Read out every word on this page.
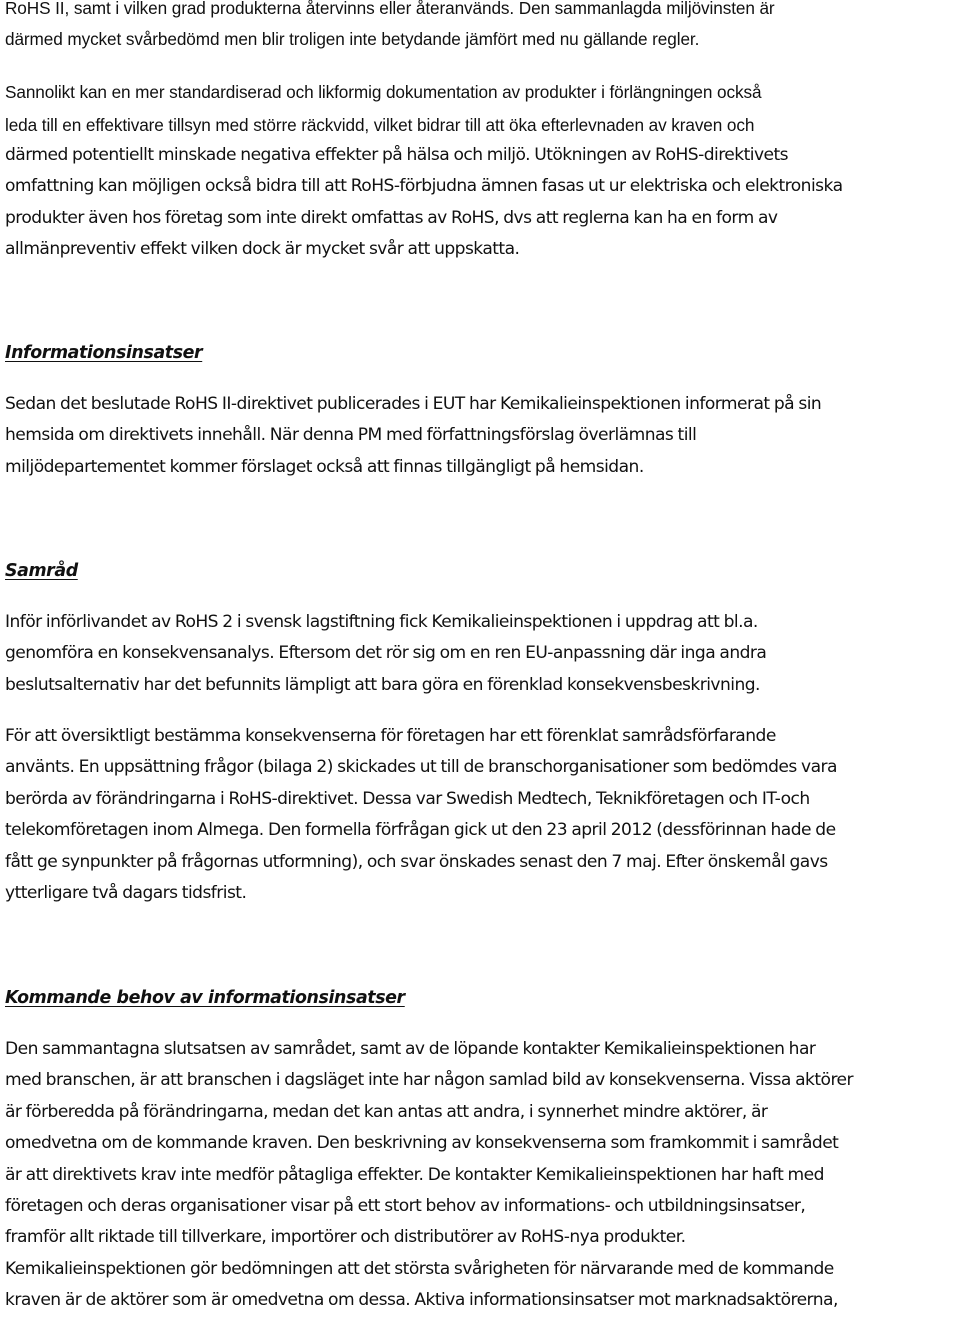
RoHS II, samt i vilken grad produkterna återvinns eller återanvänds. Den sammanlagda miljövinsten är
därmed mycket svårbedömd men blir troligen inte betydande jämfört med nu gällande regler.

Sannolikt kan en mer standardiserad och likformig dokumentation av produkter i förlängningen också
leda till en effektivare tillsyn med större räckvidd, vilket bidrar till att öka efterlevnaden av kraven och

därmed potentiellt minskade negativa effekter på hälsa och miljö. Utökningen av RoHS-direktivets
omfattning kan möjligen också bidra till att RoHS-förbjudna ämnen fasas ut ur elektriska och elektroniska
produkter även hos företag som inte direkt omfattas av RoHS, dvs att reglerna kan ha en form av
allmänpreventiv effekt vilken dock är mycket svår att uppskatta.

Informationsinsatser

Sedan det beslutade RoHS II-direktivet publicerades i EUT har Kemikalieinspektionen informerat på sin
hemsida om direktivets innehåll. När denna PM med författningsförslag överlämnas till
miljödepartementet kommer förslaget också att finnas tillgängligt på hemsidan.

Samråd

Inför införlivandet av RoHS 2 i svensk lagstiftning fick Kemikalieinspektionen i uppdrag att bl.a.
genomföra en konsekvensanalys. Eftersom det rör sig om en ren EU-anpassning där inga andra
beslutsalternativ har det befunnits lämpligt att bara göra en förenklad konsekvensbeskrivning.

För att översiktligt bestämma konsekvenserna för företagen har ett förenklat samrådsförfarande
använts. En uppsättning frågor (bilaga 2) skickades ut till de branschorganisationer som bedömdes vara
berörda av förändringarna i RoHS-direktivet. Dessa var Swedish Medtech, Teknikföretagen och IT-och
telekomföretagen inom Almega. Den formella förfrågan gick ut den 23 april 2012 (dessförinnan hade de
fått ge synpunkter på frågornas utformning), och svar önskades senast den 7 maj. Efter önskemål gavs
ytterligare två dagars tidsfrist.

Kommande behov av informationsinsatser

Den sammantagna slutsatsen av samrådet, samt av de löpande kontakter Kemikalieinspektionen har
med branschen, är att branschen i dagsläget inte har någon samlad bild av konsekvenserna. Vissa aktörer
är förberedda på förändringarna, medan det kan antas att andra, i synnerhet mindre aktörer, är
omedvetna om de kommande kraven. Den beskrivning av konsekvenserna som framkommit i samrådet
är att direktivets krav inte medför påtagliga effekter. De kontakter Kemikalieinspektionen har haft med
företagen och deras organisationer visar på ett stort behov av informations- och utbildningsinsatser,
framför allt riktade till tillverkare, importörer och distributörer av RoHS-nya produkter.
Kemikalieinspektionen gör bedömningen att det största svårigheten för närvarande med de kommande
kraven är de aktörer som är omedvetna om dessa. Aktiva informationsinsatser mot marknadsaktörerna,
